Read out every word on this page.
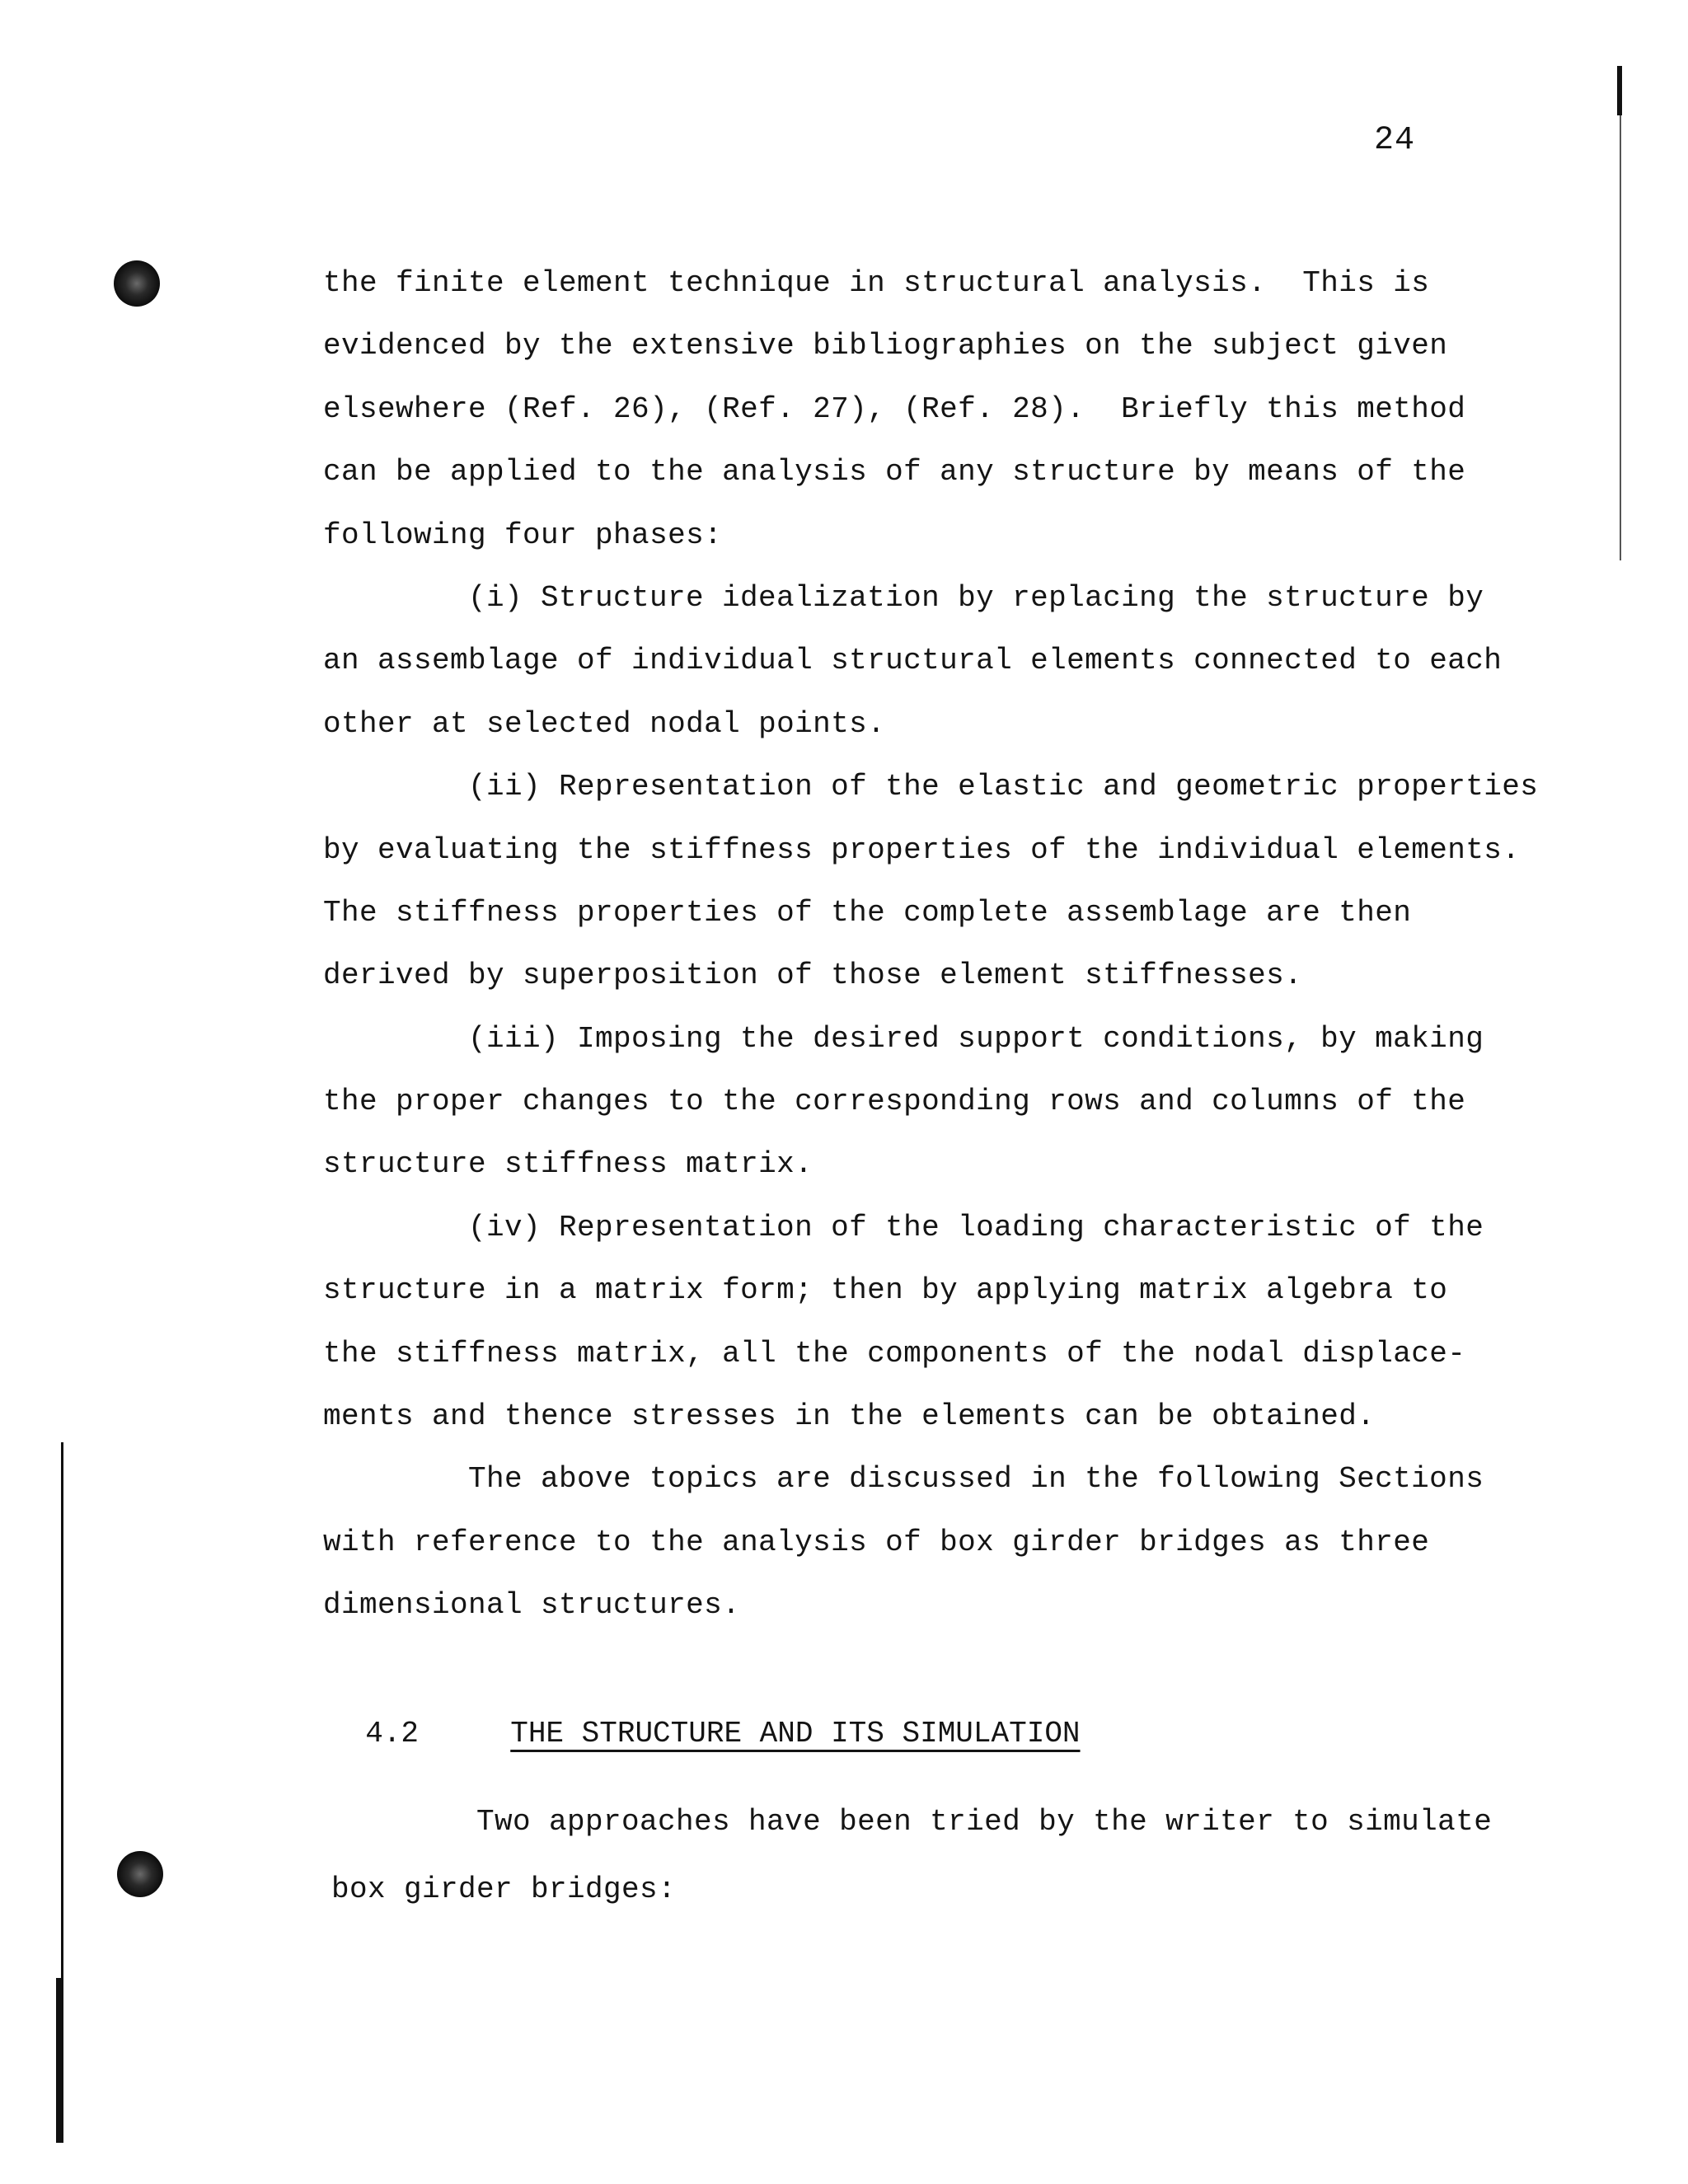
24
the finite element technique in structural analysis.  This is
evidenced by the extensive bibliographies on the subject given
elsewhere (Ref. 26), (Ref. 27), (Ref. 28).  Briefly this method
can be applied to the analysis of any structure by means of the
following four phases:
(i) Structure idealization by replacing the structure by
an assemblage of individual structural elements connected to each
other at selected nodal points.
(ii) Representation of the elastic and geometric properties
by evaluating the stiffness properties of the individual elements.
The stiffness properties of the complete assemblage are then
derived by superposition of those element stiffnesses.
(iii) Imposing the desired support conditions, by making
the proper changes to the corresponding rows and columns of the
structure stiffness matrix.
(iv) Representation of the loading characteristic of the
structure in a matrix form; then by applying matrix algebra to
the stiffness matrix, all the components of the nodal displace-
ments and thence stresses in the elements can be obtained.
The above topics are discussed in the following Sections
with reference to the analysis of box girder bridges as three
dimensional structures.

4.2	THE STRUCTURE AND ITS SIMULATION

Two approaches have been tried by the writer to simulate
box girder bridges:
